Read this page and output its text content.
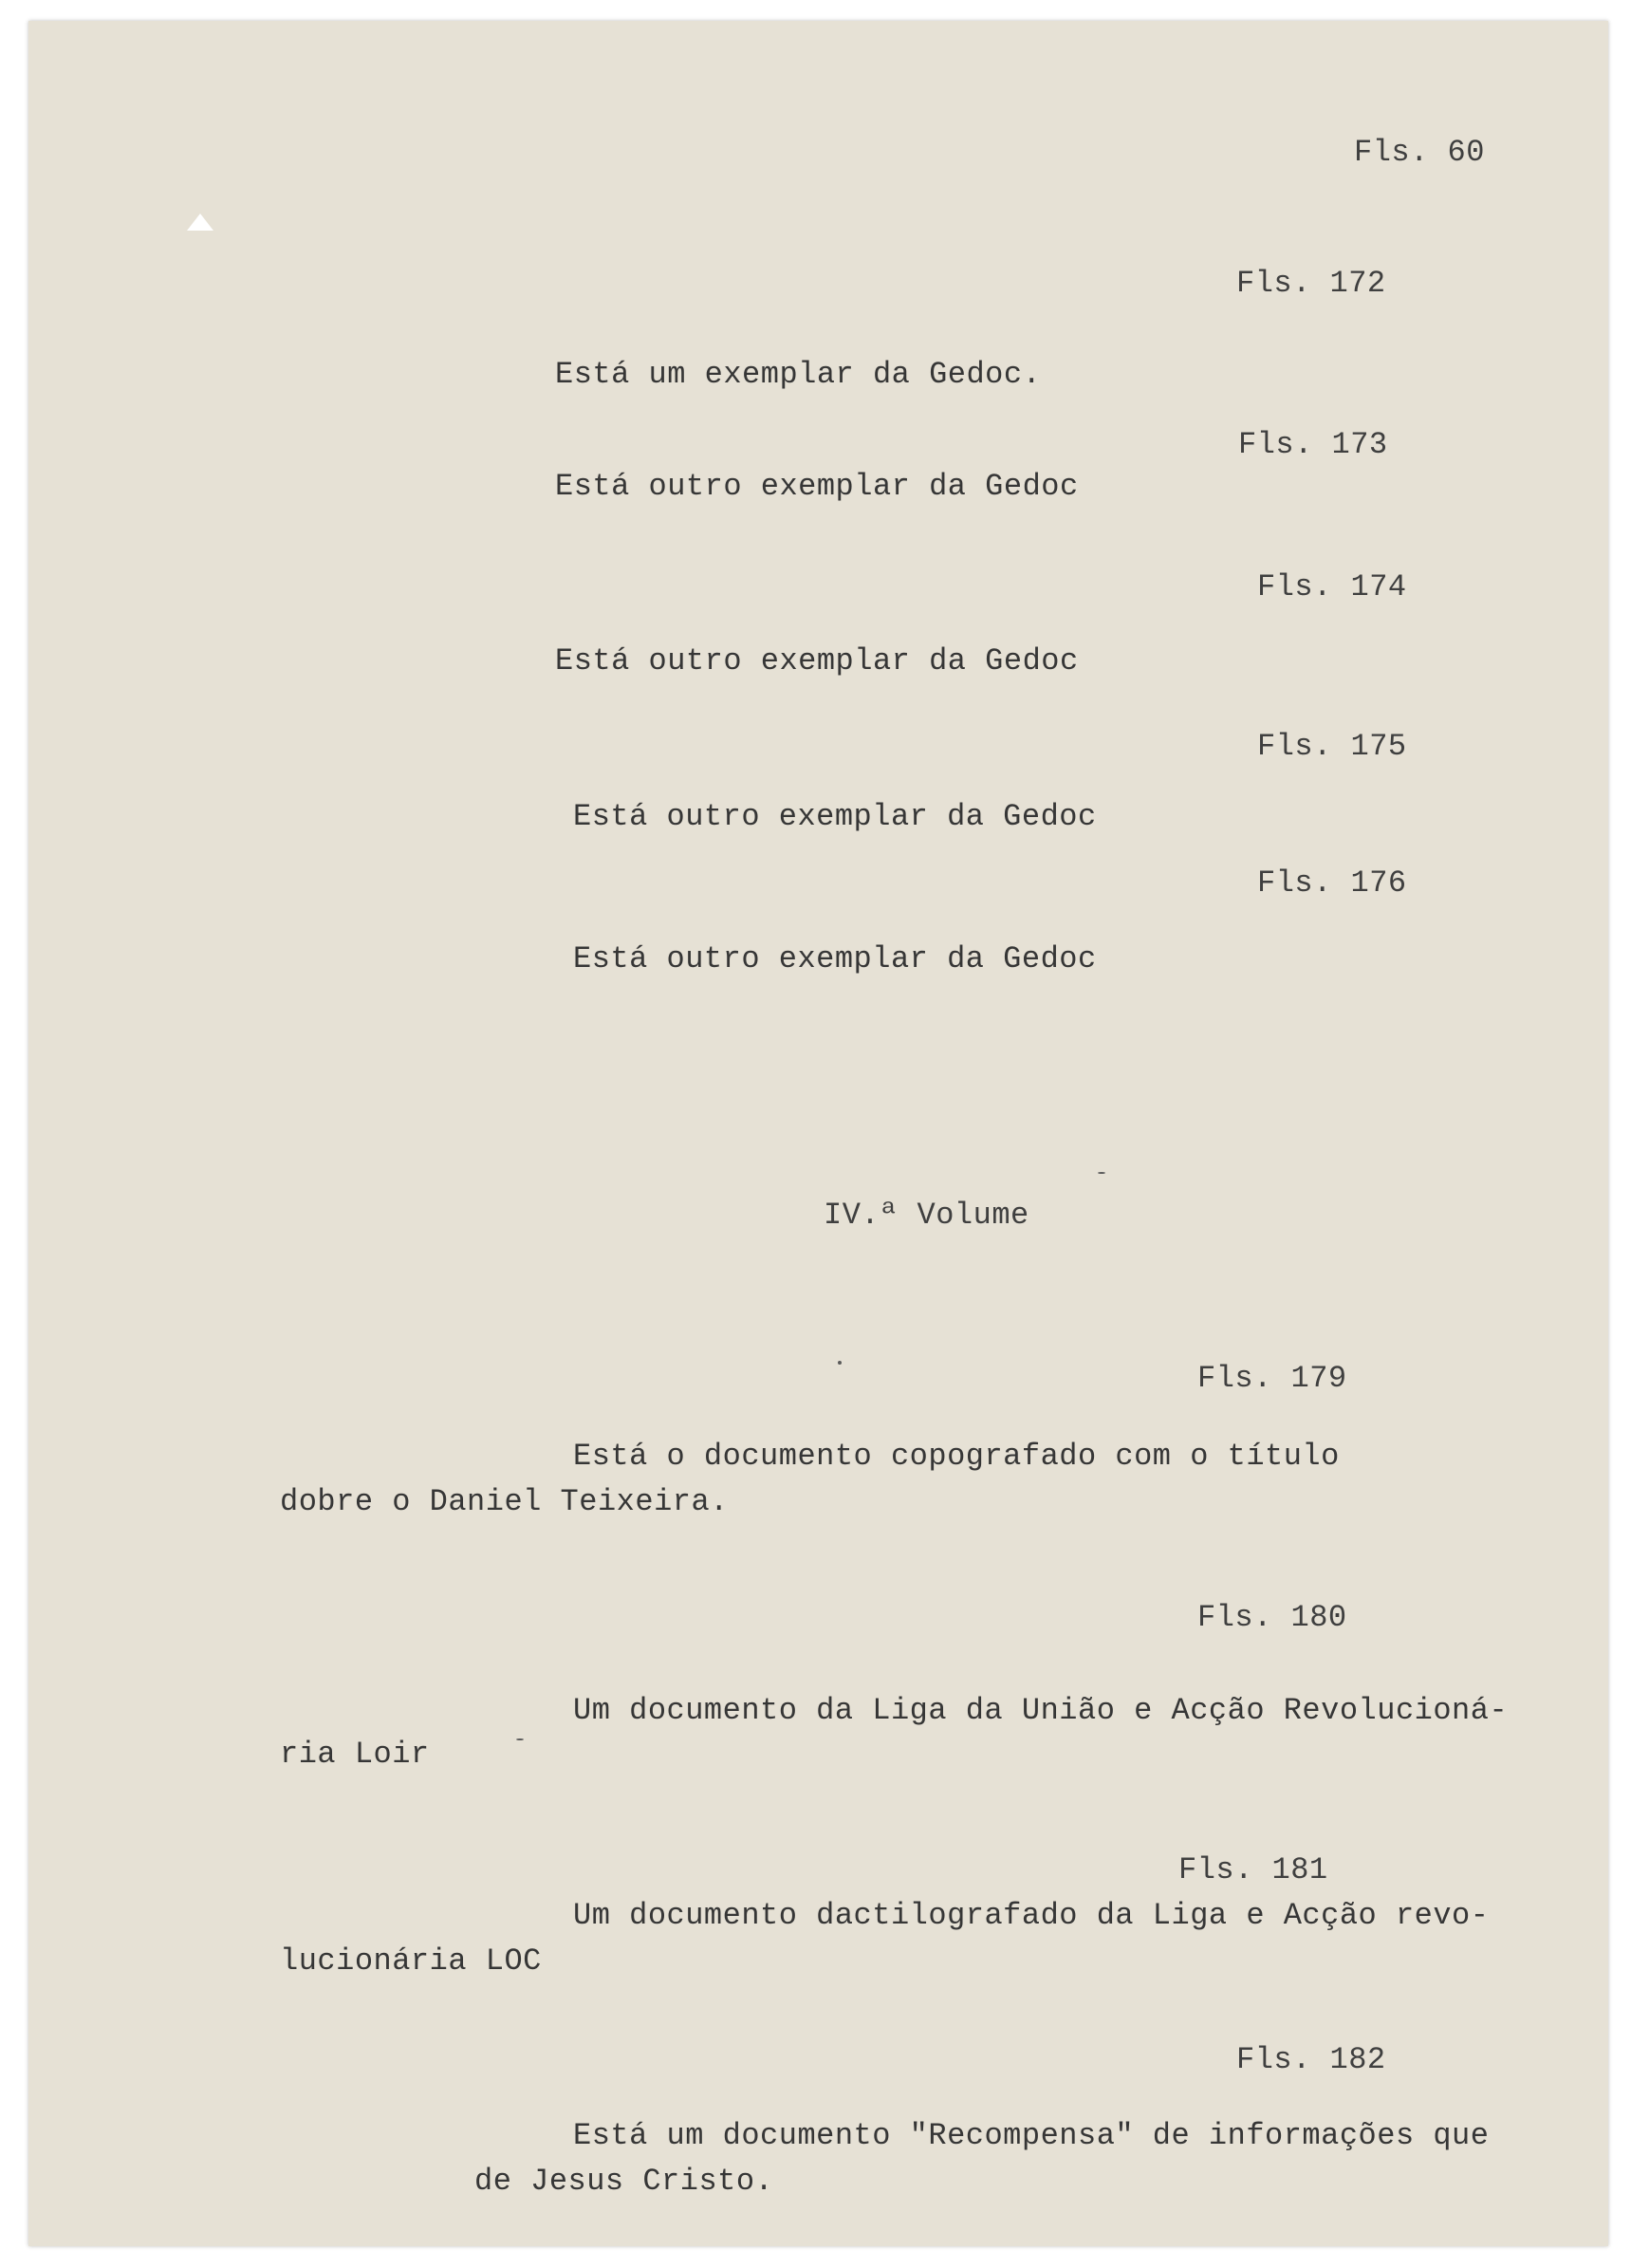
Fls. 60
Fls. 172
Está um exemplar da Gedoc.
Fls. 173
Está outro exemplar da Gedoc
Fls. 174
Está outro exemplar da Gedoc
Fls. 175
Está outro exemplar da Gedoc
Fls. 176
Está outro exemplar da Gedoc
IV.ª Volume
Fls. 179
Está o documento copografado com o título
dobre o Daniel Teixeira.
Fls. 180
Um documento da Liga da União e Acção Revolucioná-
ria Loir
Fls. 181
Um documento dactilografado da Liga e Acção revo-
lucionária LOC
Fls. 182
Está um documento "Recompensa" de informações que
de Jesus Cristo.
